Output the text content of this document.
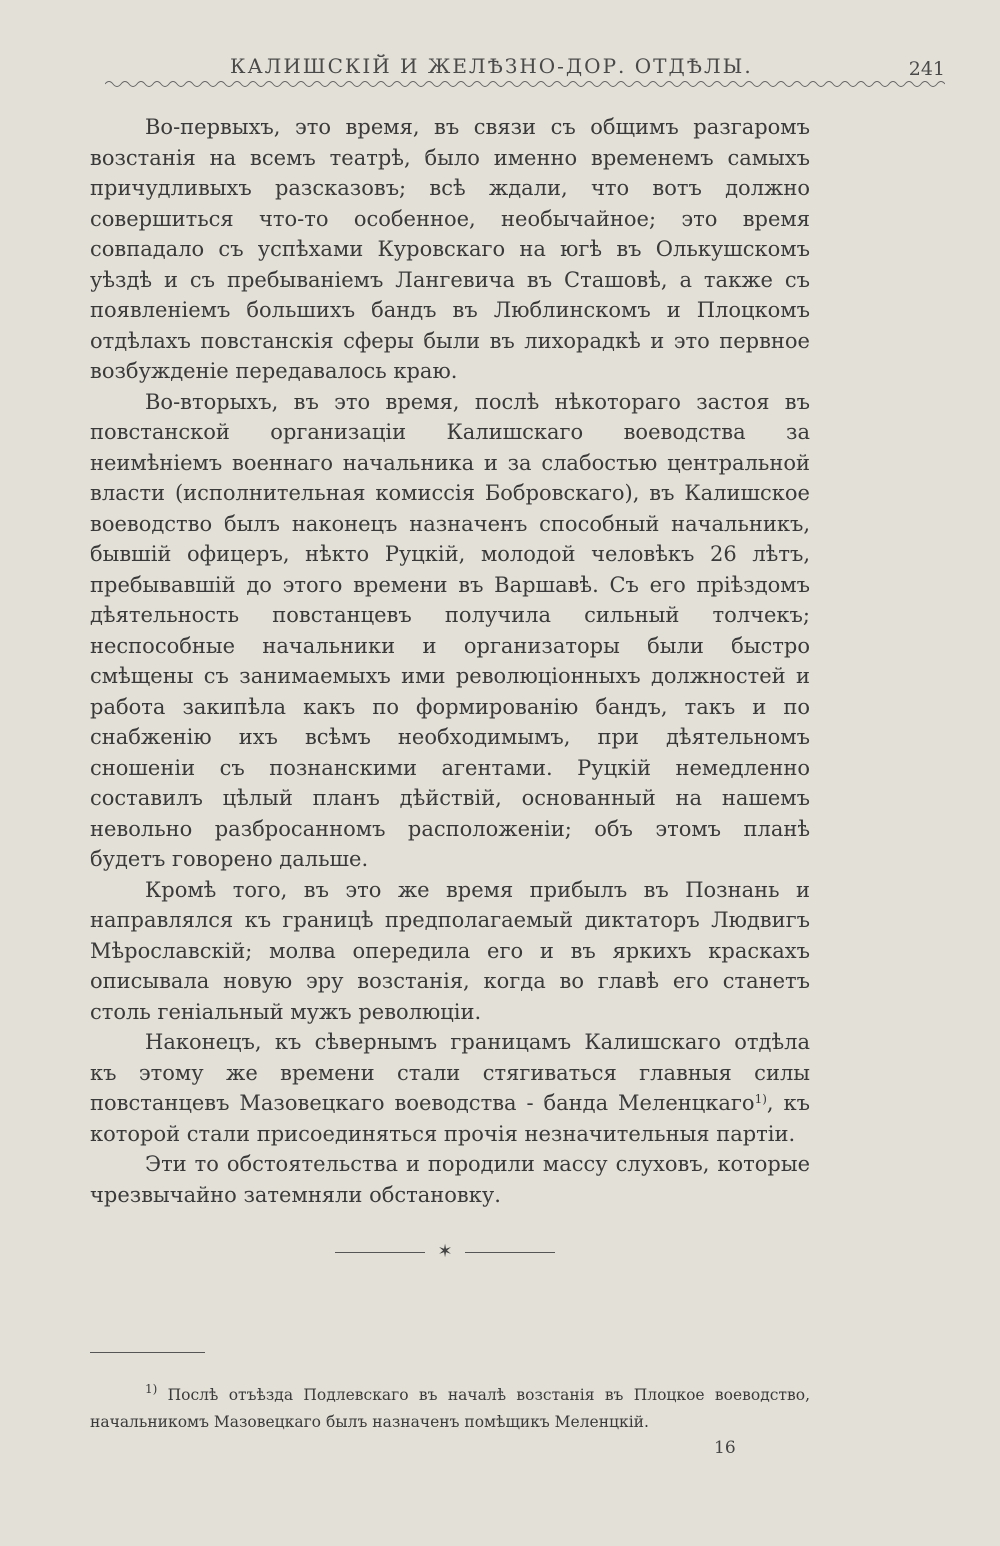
КАЛИШСКІЙ И ЖЕЛѢЗНО-ДОР. ОТДѢЛЫ.	241

Во-первыхъ, это время, въ связи съ общимъ разгаромъ возстанія на всемъ театрѣ, было именно временемъ самыхъ причудливыхъ разсказовъ; всѣ ждали, что вотъ должно совершиться что-то особенное, необычайное; это время совпадало съ успѣхами Куровскаго на югѣ въ Олькушскомъ уѣздѣ и съ пребываніемъ Лангевича въ Сташовѣ, а также съ появленіемъ большихъ бандъ въ Люблинскомъ и Плоцкомъ отдѣлахъ повстанскія сферы были въ лихорадкѣ и это первное возбужденіе передавалось краю.

Во-вторыхъ, въ это время, послѣ нѣкотораго застоя въ повстанской организаціи Калишскаго воеводства за неимѣніемъ военнаго начальника и за слабостью центральной власти (исполнительная комиссія Бобровскаго), въ Калишское воеводство былъ наконецъ назначенъ способный начальникъ, бывшій офицеръ, нѣкто Руцкій, молодой человѣкъ 26 лѣтъ, пребывавшій до этого времени въ Варшавѣ. Съ его пріѣздомъ дѣятельность повстанцевъ получила сильный толчекъ; неспособные начальники и организаторы были быстро смѣщены съ занимаемыхъ ими революціонныхъ должностей и работа закипѣла какъ по формированію бандъ, такъ и по снабженію ихъ всѣмъ необходимымъ, при дѣятельномъ сношеніи съ познанскими агентами. Руцкій немедленно составилъ цѣлый планъ дѣйствій, основанный на нашемъ невольно разбросанномъ расположеніи; объ этомъ планѣ будетъ говорено дальше.

Кромѣ того, въ это же время прибылъ въ Познань и направлялся къ границѣ предполагаемый диктаторъ Людвигъ Мѣрославскій; молва опередила его и въ яркихъ краскахъ описывала новую эру возстанія, когда во главѣ его станетъ столь геніальный мужъ революціи.

Наконецъ, къ сѣвернымъ границамъ Калишскаго отдѣла къ этому же времени стали стягиваться главныя силы повстанцевъ Мазовецкаго воеводства - банда Меленцкаго$^{1)}$, къ которой стали присоединяться прочія незначительныя партіи.

Эти то обстоятельства и породили массу слуховъ, которые чрезвычайно затемняли обстановку.

✶

$^{1)}$ Послѣ отъѣзда Подлевскаго въ началѣ возстанія въ Плоцкое воеводство, начальникомъ Мазовецкаго былъ назначенъ помѣщикъ Меленцкій.

16
